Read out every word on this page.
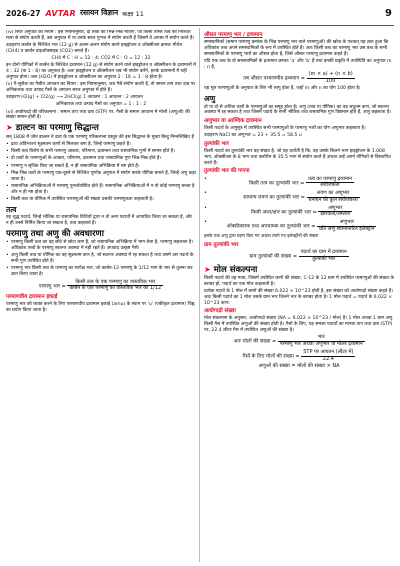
2026-27 AVTAR रसायन विज्ञान कक्षा 11	9

(iv) स्थिर अनुपात का नियम : इस नियमानुसार, दो तत्वों की भिन्न-भिन्न मात्राएँ, जो किसी तीसरे तत्व की निश्चित मात्रा से संयोग करती हैं, उस अनुपात में या उनके सरल गुणज में संयोग करती हैं जिसमें वे आपस में संयोग करते हैं।

उदाहरण कार्बन के निश्चित भार (12 g) से अलग-अलग संयोग करने हाइड्रोजन व ऑक्सीजन क्रमशः मीथेन (CH4) व कार्बन डाइऑक्साइड (CO2) बनाते हैं।

CH4 में C : H = 12 : 4; CO2 में C : O = 12 : 32

इन दोनों यौगिकों में कार्बन के निश्चित द्रव्यमान (12 g) से संयोग करने वाले हाइड्रोजन व ऑक्सीजन के द्रव्यमानों में 4 : 32 (या 1 : 8) का अनुपात है। अतः हाइड्रोजन व ऑक्सीजन जब भी संयोग करेंगे, इनके द्रव्यमानों में यही अनुपात होगा। जल (H2O) में हाइड्रोजन व ऑक्सीजन का अनुपात 2 : 16 = 1 : 8 होता है।

(v) गै-लुसैक का गैसीय आयतन का नियम : इस नियमानुसार, जब गैसें संयोग करती हैं, तो समान ताप तथा दाब पर अभिकारक तथा उत्पाद गैसों के आयतन सरल अनुपात में होते हैं।

उदाहरण H2(g) + Cl2(g) ⟶ 2HCl(g) 1 आयतन : 1 आयतन : 2 आयतन

अभिकारक तथा उत्पाद गैसों का अनुपात = 1 : 1 : 2

(vi) आवोगाद्रो की परिकल्पना : समान ताप तथा दाब (STP) पर, गैसों के समान आयतन में मोलों (अणुओं) की संख्या समान होती है।

➤ डाल्टन का परमाणु सिद्धान्त

सन् 1808 में जॉन डाल्टन ने द्रव्य के एक परमाणु परिकल्पना प्रस्तुत की इस सिद्धान्त के मुख्य बिन्दु निम्नलिखित हैं

• द्रव्य अविभाज्य सूक्ष्मतम कणों से मिलकर बना है, जिन्हें परमाणु कहते हैं।
• किसी तत्व विशेष के सभी परमाणु आकार, परिमाण, द्रव्यमान तथा रासायनिक गुणों में समान होते हैं।
• दो तत्वों के परमाणुओं के आकार, परिमाण, द्रव्यमान तथा रासायनिक गुण भिन्न-भिन्न होते हैं।
• परमाणु न सृजित किए जा सकते हैं, न ही रासायनिक अभिक्रिया में नष्ट होते हैं।
• भिन्न-भिन्न तत्वों के परमाणु एक-दूसरे से निश्चित पूर्णांक अनुपात में संयोग करके यौगिक बनाते हैं, जिन्हें अणु कहा जाता है।
• रासायनिक अभिक्रियाओं में परमाणु पुनर्व्यवस्थित होते हैं। रासायनिक अभिक्रियाओं में न तो कोई परमाणु बनता है और न ही नष्ट होता है।
• किसी तत्व या यौगिक में उपस्थित परमाणुओं की संख्या उसकी परमाणुकता कहलाती है।
तत्व

वह शुद्ध पदार्थ, जिन्हें भौतिक या रासायनिक विधियों द्वारा न तो अन्य पदार्थों में अपघटित किया जा सकता है, और न ही उनसे निर्मित किया जा सकता है, तत्व कहलाते हैं।

परमाणु तथा अणु की अवधारणा
• परमाणु किसी तत्व का वह छोटे से छोटा कण है, जो रासायनिक अभिक्रिया में भाग लेता है, परमाणु कहलाता है। अधिकांश तत्वों के परमाणु स्वतन्त्र अवस्था में नहीं रहते हैं। अपवाद उत्कृष्ट गैसें।
• अणु किसी तत्व या यौगिक का वह सूक्ष्मतम कण है, जो स्वतन्त्र अवस्था में रह सकता है तथा उसमें उस पदार्थ के सभी गुण उपस्थित होते हैं।
• परमाणु भार किसी तत्व के परमाणु का सापेक्ष भार, जो कार्बन-12 परमाणु के 1/12 भाग के भार से तुलना कर ज्ञात किया जाता है।
परमाणु भार = $\frac{\text{किसी तत्व के एक परमाणु का वास्तविक भार}}{\text{कार्बन के एक परमाणु का वास्तविक भार का 1/12}}$
परमाणवीय द्रव्यमान इकाई

परमाणु भार को व्यक्त करने के लिए परमाणवीय द्रव्यमान इकाई (amu) के स्थान पर 'u' (एकीकृत द्रव्यमान) चिह्न का प्रयोग किया जाता है।

औसत परमाणु भार / द्रव्यमान

समस्थानिकों (समान परमाणु क्रमांक के भिन्न परमाणु भार वाले परमाणुओं) की खोज के पश्चात् यह ज्ञात हुआ कि अधिकांश तत्व अपने समस्थानिकों के रूप में उपस्थित होते हैं। अतः किसी तत्व का परमाणु भार उस तत्व के सभी समस्थानिकों के परमाणु भारों का औसत होता है, जिसे औसत परमाणु द्रव्यमान कहते हैं।

यदि एक तत्व के दो समस्थानिकों के द्रव्यमान क्रमशः 'a' और 'b' हैं तथा इनकी प्रकृति में उपस्थिति का अनुपात m : n है,

तब औसत परमाणवीय द्रव्यमान = $\frac{(m \times a) + (n \times b)}{100}$

यह सूत्र परमाणुओं के अनुपात के लिए भी लागू होता है, जहाँ m और n का योग 100 होता है।

अणु

दो या दो से अधिक तत्वों के परमाणुओं का समूह होता है। अणु (तत्व या यौगिक) का वह लघुतम कण, जो स्वतन्त्र अवस्था में रह सकता है तथा जिसमें पदार्थ के सभी भौतिक तथा रासायनिक गुण विद्यमान होते हैं, अणु कहलाता है।

अणुभार या आण्विक द्रव्यमान

किसी पदार्थ के अणुसूत्र में उपस्थित सभी परमाणुओं के परमाणु भारों का योग अणुभार कहलाता है।

उदाहरण NaCl का अणुभार = 23 + 35.5 = 58.5 u

तुल्यांकी भार

किसी पदार्थ का तुल्यांकी भार वह संख्या है, जो यह दर्शाती है कि, वह उसके कितने भाग हाइड्रोजन के 1.008 भाग, ऑक्सीजन के 8 भाग तथा क्लोरीन के 35.5 भाग से संयोग करते हैं अथवा उन्हें अपने यौगिकों से विस्थापित करते हैं।

तुल्यांकी भार की गणना
• किसी तत्व का तुल्यांकी भार = $\frac{\text{तत्व का परमाणु द्रव्यमान}}{\text{संयोजकता}}$
• सामान्य लवण का तुल्यांकी भार = $\frac{\text{लवण का अणुभार}}{\text{धनायन की कुल संयोजकता}}$
• किसी अम्ल/क्षार का तुल्यांकी भार = $\frac{\text{अणुभार}}{\text{क्षारकता/अम्लता}}$
• ऑक्सीकारक तथा अपचायक का तुल्यांकी भार = $\frac{\text{अणुभार}}{\text{प्रति अणु स्थानान्तरित इलेक्ट्रॉन}}$

इसके एक अणु द्वारा ग्रहण किए गए अथवा त्यागे गए इलेक्ट्रॉनों की संख्या

ग्राम तुल्यांकी भार
ग्राम तुल्यांकों की संख्या = $\frac{\text{पदार्थ का ग्राम में द्रव्यमान}}{\text{तुल्यांकी भार}}$
➤ मोल संकल्पना

किसी पदार्थ की वह मात्रा, जिसमें उपस्थित कणों की संख्या, C-12 के 12 ग्राम में उपस्थित परमाणुओं की संख्या के बराबर हो, पदार्थ का एक मोल कहलाती है।

प्रत्येक पदार्थ के 1 मोल में कणों की संख्या 6.022 × 10^23 होती है, इस संख्या को आवोगाद्रो संख्या कहते हैं। अतः किसी पदार्थ का 1 मोल उसके ग्राम भार जितने भार के बराबर होता है। 1 मोल पदार्थ = पदार्थ के 6.022 × 10^23 कण।

आवोगाद्रो संख्या

मोल संकल्पना के अनुसार, आवोगाद्रो संख्या (NA = 6.022 × 10^23 / मोल) है। 1 मोल अथवा 1 ग्राम अणु किसी गैस में उपस्थित अणुओं की संख्या होती है। गैसों के लिए, यह समस्त पदार्थों का मानक ताप तथा दाब (STP) पर, 22.4 लीटर गैस में उपस्थित अणुओं की संख्या है।

अतः मोलों की संख्या = $\frac{\text{भार}}{\text{परमाणु भार अथवा अणुभार या मोलर द्रव्यमान}}$
गैसों के लिए मोलों की संख्या = $\frac{\text{STP पर आयतन (लीटर में)}}{22.4}$
अणुओं की संख्या = मोलों की संख्या × NA
